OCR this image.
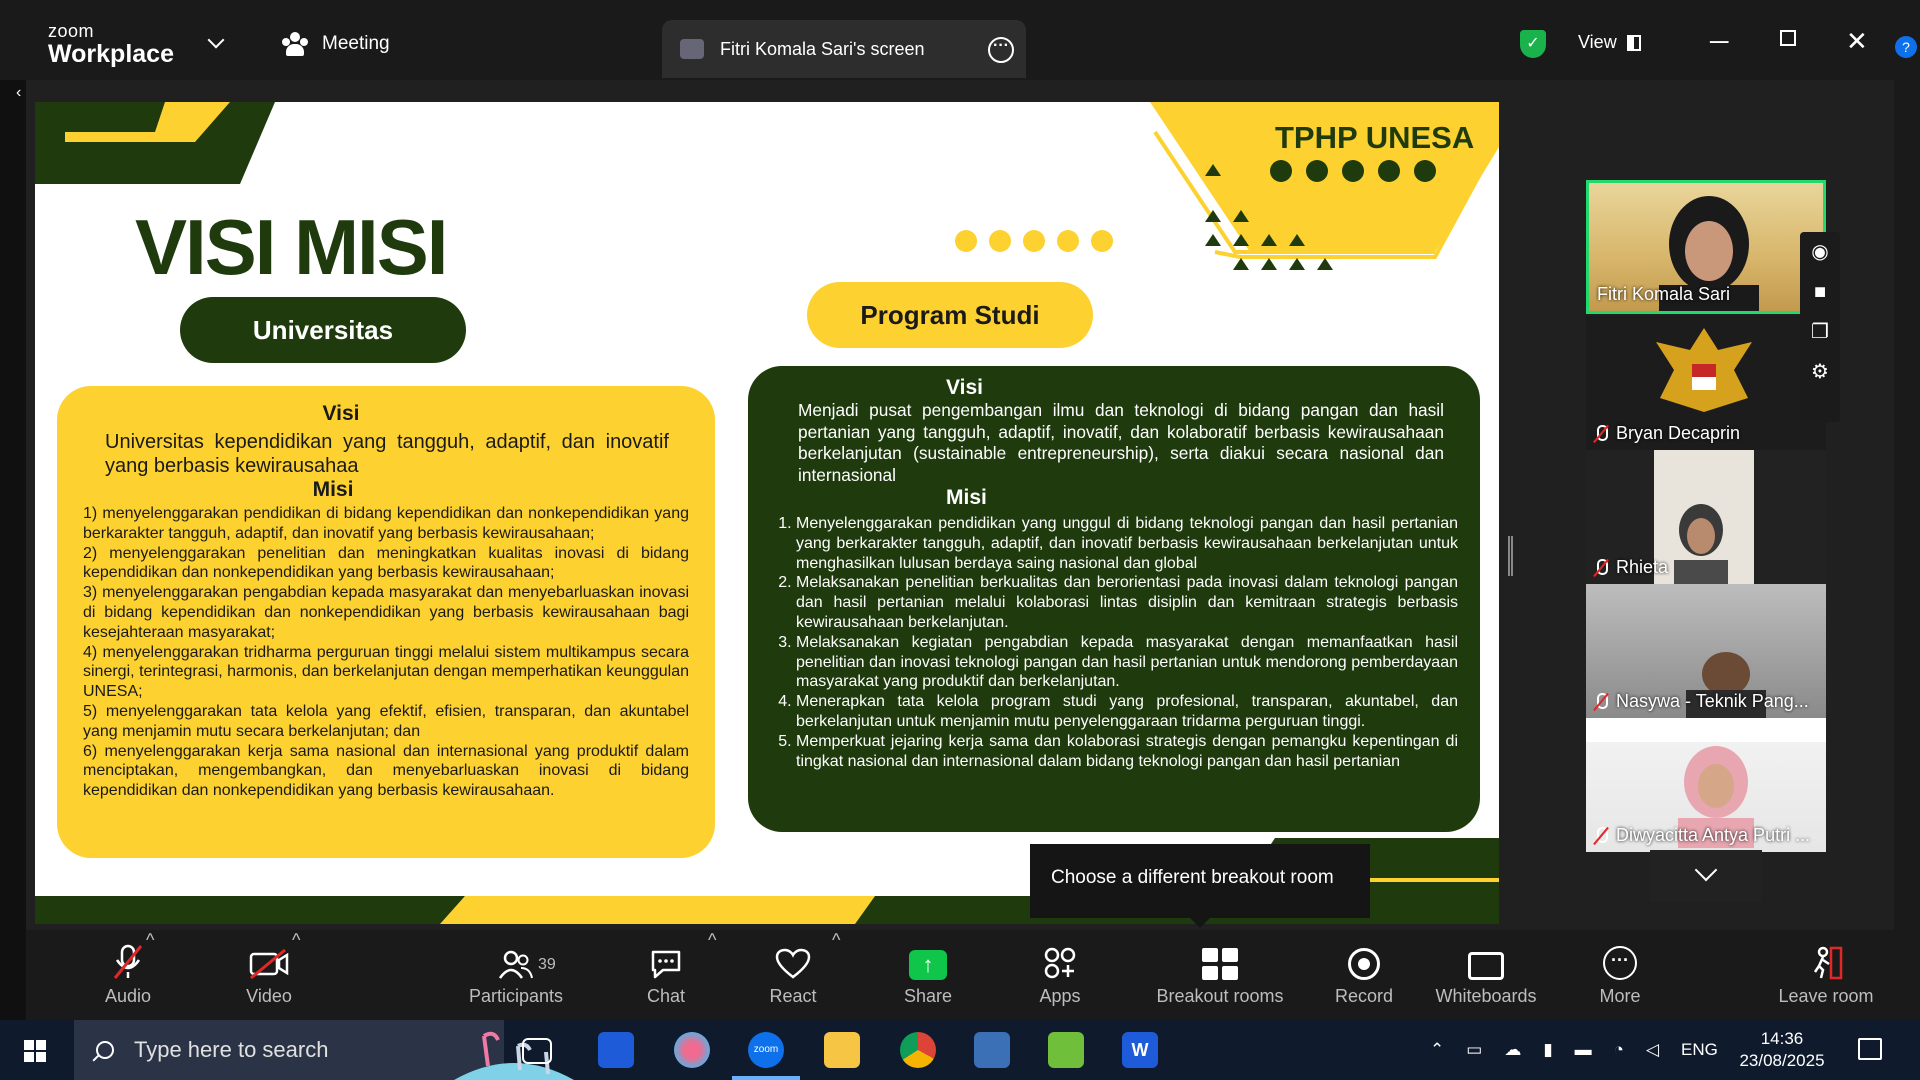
‹
zoom
Workplace	Meeting	Fitri Komala Sari's screen	···	✓	View	─	✕	?
TPHP UNESA
VISI MISI
Universitas	Program Studi
Visi
Universitas kependidikan yang tangguh, adaptif, dan inovatif yang berbasis kewirausahaa
Misi

1) menyelenggarakan pendidikan di bidang kependidikan dan nonkependidikan yang berkarakter tangguh, adaptif, dan inovatif yang berbasis kewirausahaan;

2) menyelenggarakan penelitian dan meningkatkan kualitas inovasi di bidang kependidikan dan nonkependidikan yang berbasis kewirausahaan;

3) menyelenggarakan pengabdian kepada masyarakat dan menyebarluaskan inovasi di bidang kependidikan dan nonkependidikan yang berbasis kewirausahaan bagi kesejahteraan masyarakat;

4) menyelenggarakan tridharma perguruan tinggi melalui sistem multikampus secara sinergi, terintegrasi, harmonis, dan berkelanjutan dengan memperhatikan keunggulan UNESA;

5) menyelenggarakan tata kelola yang efektif, efisien, transparan, dan akuntabel yang menjamin mutu secara berkelanjutan; dan

6) menyelenggarakan kerja sama nasional dan internasional yang produktif dalam menciptakan, mengembangkan, dan menyebarluaskan inovasi di bidang kependidikan dan nonkependidikan yang berbasis kewirausahaan.

Visi
Menjadi pusat pengembangan ilmu dan teknologi di bidang pangan dan hasil pertanian yang tangguh, adaptif, inovatif, dan kolaboratif berbasis kewirausahaan berkelanjutan (sustainable entrepreneurship), serta diakui secara nasional dan internasional
Misi
1. Menyelenggarakan pendidikan yang unggul di bidang teknologi pangan dan hasil pertanian yang berkarakter tangguh, adaptif, dan inovatif berbasis kewirausahaan berkelanjutan untuk menghasilkan lulusan berdaya saing nasional dan global
2. Melaksanakan penelitian berkualitas dan berorientasi pada inovasi dalam teknologi pangan dan hasil pertanian melalui kolaborasi lintas disiplin dan kemitraan strategis berbasis kewirausahaan berkelanjutan.
3. Melaksanakan kegiatan pengabdian kepada masyarakat dengan memanfaatkan hasil penelitian dan inovasi teknologi pangan dan hasil pertanian untuk mendorong pemberdayaan masyarakat yang produktif dan berkelanjutan.
4. Menerapkan tata kelola program studi yang profesional, transparan, akuntabel, dan berkelanjutan untuk menjamin mutu penyelenggaraan tridarma perguruan tinggi.
5. Memperkuat jejaring kerja sama dan kolaborasi strategis dengan pemangku kepentingan di tingkat nasional dan internasional dalam bidang teknologi pangan dan hasil pertanian
Fitri Komala Sari
Bryan Decaprin
Rhieta
Nasywa - Teknik Pang...
Diwyacitta Antya Putri ...
◉
■
❐
⚙
Choose a different breakout room
Audio
^
Video
^
39
Participants	Chat
^
React
^
↑
Share	Apps	Breakout rooms	Record	Whiteboards
···
More	Leave room
Type here to search	zoom	W	⌃ ▭ ☁ ▮ ▬ ◔ ◁ ENG
14:36
23/08/2025
